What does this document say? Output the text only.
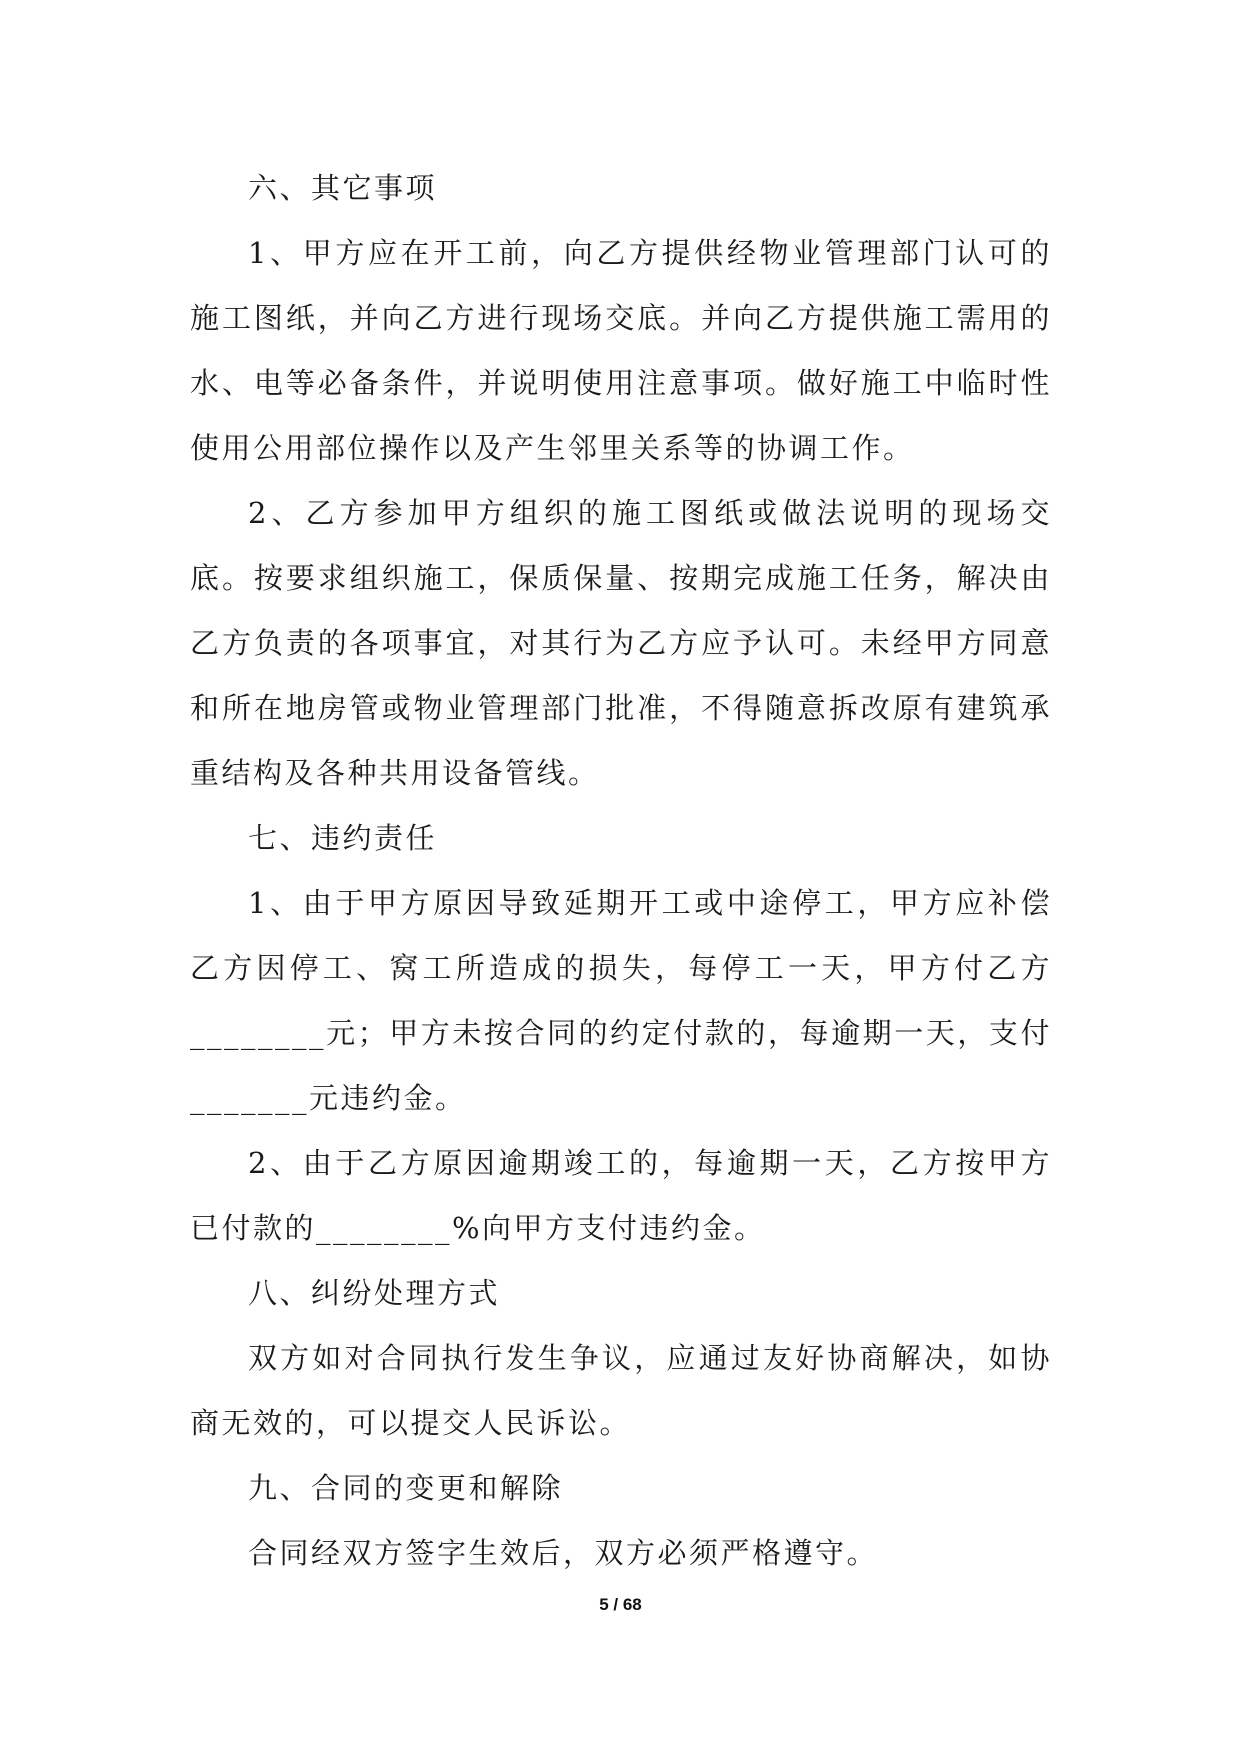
六、其它事项

1、甲方应在开工前，向乙方提供经物业管理部门认可的施工图纸，并向乙方进行现场交底。并向乙方提供施工需用的水、电等必备条件，并说明使用注意事项。做好施工中临时性使用公用部位操作以及产生邻里关系等的协调工作。

2、乙方参加甲方组织的施工图纸或做法说明的现场交底。按要求组织施工，保质保量、按期完成施工任务，解决由乙方负责的各项事宜，对其行为乙方应予认可。未经甲方同意和所在地房管或物业管理部门批准，不得随意拆改原有建筑承重结构及各种共用设备管线。

七、违约责任

1、由于甲方原因导致延期开工或中途停工，甲方应补偿乙方因停工、窝工所造成的损失，每停工一天，甲方付乙方________元；甲方未按合同的约定付款的，每逾期一天，支付_______元违约金。

2、由于乙方原因逾期竣工的，每逾期一天，乙方按甲方已付款的________%向甲方支付违约金。

八、纠纷处理方式

双方如对合同执行发生争议，应通过友好协商解决，如协商无效的，可以提交人民诉讼。

九、合同的变更和解除

合同经双方签字生效后，双方必须严格遵守。

5 / 68
